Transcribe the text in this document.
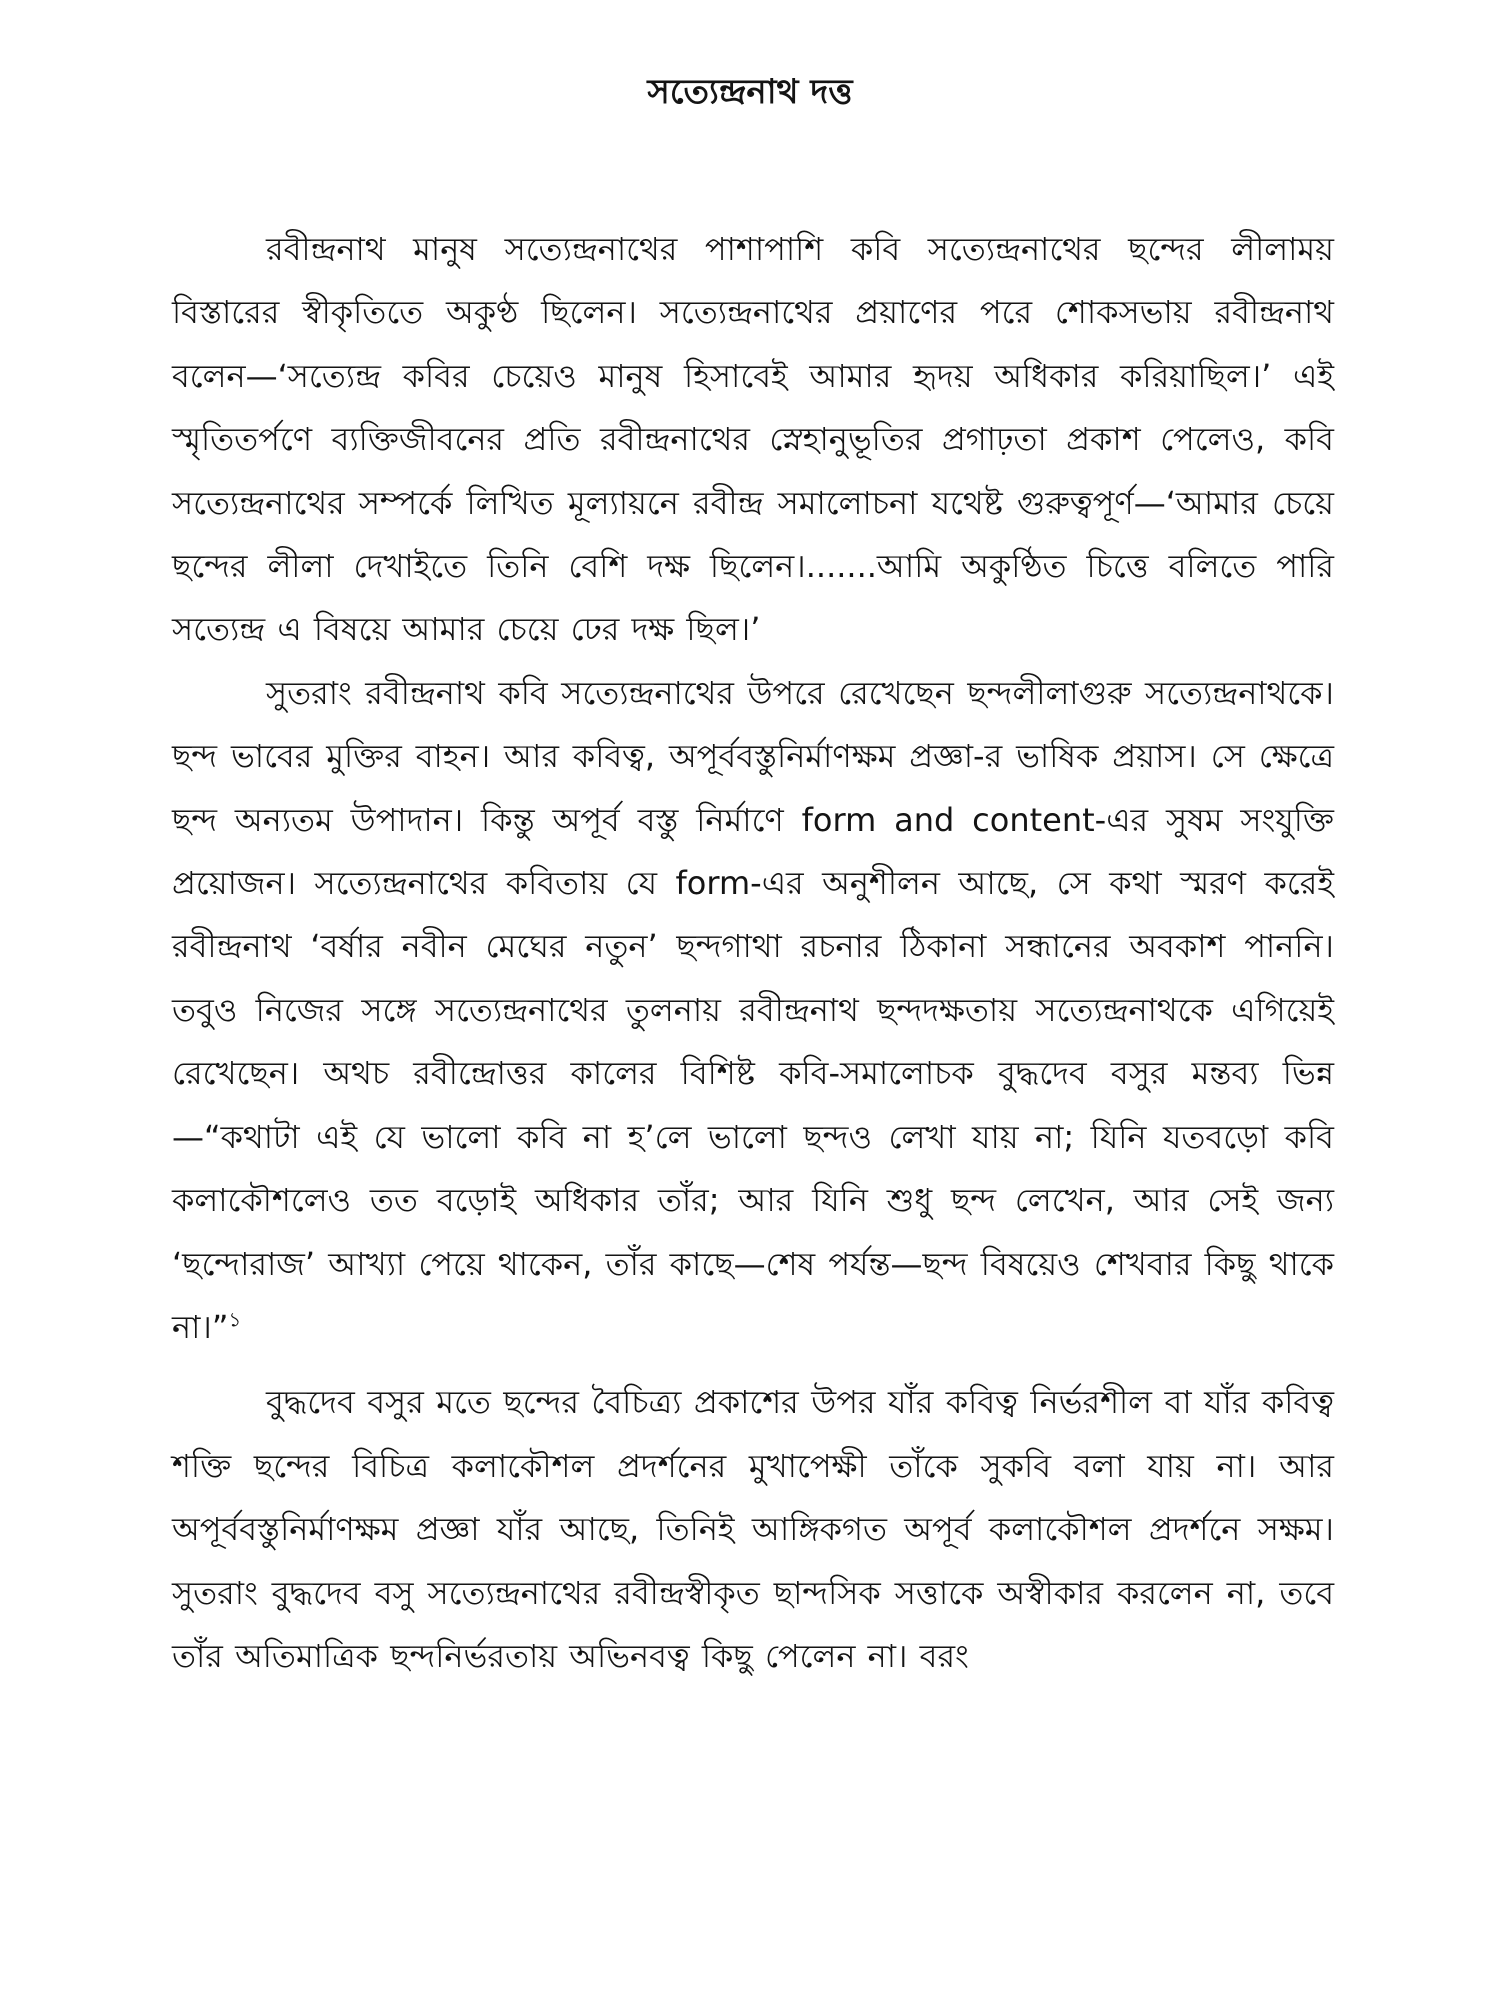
সত্যেন্দ্রনাথ দত্ত

রবীন্দ্রনাথ মানুষ সত্যেন্দ্রনাথের পাশাপাশি কবি সত্যেন্দ্রনাথের ছন্দের লীলাময় বিস্তারের স্বীকৃতিতে অকুণ্ঠ ছিলেন। সত্যেন্দ্রনাথের প্রয়াণের পরে শোকসভায় রবীন্দ্রনাথ বলেন—‘সত্যেন্দ্র কবির চেয়েও মানুষ হিসাবেই আমার হৃদয় অধিকার করিয়াছিল।’ এই স্মৃতিতর্পণে ব্যক্তিজীবনের প্রতি রবীন্দ্রনাথের স্নেহানুভূতির প্রগাঢ়তা প্রকাশ পেলেও, কবি সত্যেন্দ্রনাথের সম্পর্কে লিখিত মূল্যায়নে রবীন্দ্র সমালোচনা যথেষ্ট গুরুত্বপূর্ণ—‘আমার চেয়ে ছন্দের লীলা দেখাইতে তিনি বেশি দক্ষ ছিলেন।.......আমি অকুণ্ঠিত চিত্তে বলিতে পারি সত্যেন্দ্র এ বিষয়ে আমার চেয়ে ঢের দক্ষ ছিল।’

সুতরাং রবীন্দ্রনাথ কবি সত্যেন্দ্রনাথের উপরে রেখেছেন ছন্দলীলাগুরু সত্যেন্দ্রনাথকে। ছন্দ ভাবের মুক্তির বাহন। আর কবিত্ব, অপূর্ববস্তুনির্মাণক্ষম প্রজ্ঞা-র ভাষিক প্রয়াস। সে ক্ষেত্রে ছন্দ অন্যতম উপাদান। কিন্তু অপূর্ব বস্তু নির্মাণে form and content-এর সুষম সংযুক্তি প্রয়োজন। সত্যেন্দ্রনাথের কবিতায় যে form-এর অনুশীলন আছে, সে কথা স্মরণ করেই রবীন্দ্রনাথ ‘বর্ষার নবীন মেঘের নতুন’ ছন্দগাথা রচনার ঠিকানা সন্ধানের অবকাশ পাননি। তবুও নিজের সঙ্গে সত্যেন্দ্রনাথের তুলনায় রবীন্দ্রনাথ ছন্দদক্ষতায় সত্যেন্দ্রনাথকে এগিয়েই রেখেছেন। অথচ রবীন্দ্রোত্তর কালের বিশিষ্ট কবি-সমালোচক বুদ্ধদেব বসুর মন্তব্য ভিন্ন—“কথাটা এই যে ভালো কবি না হ’লে ভালো ছন্দও লেখা যায় না; যিনি যতবড়ো কবি কলাকৌশলেও তত বড়োই অধিকার তাঁর; আর যিনি শুধু ছন্দ লেখেন, আর সেই জন্য ‘ছন্দোরাজ’ আখ্যা পেয়ে থাকেন, তাঁর কাছে—শেষ পর্যন্ত—ছন্দ বিষয়েও শেখবার কিছু থাকে না।”$^১$

বুদ্ধদেব বসুর মতে ছন্দের বৈচিত্র্য প্রকাশের উপর যাঁর কবিত্ব নির্ভরশীল বা যাঁর কবিত্ব শক্তি ছন্দের বিচিত্র কলাকৌশল প্রদর্শনের মুখাপেক্ষী তাঁকে সুকবি বলা যায় না। আর অপূর্ববস্তুনির্মাণক্ষম প্রজ্ঞা যাঁর আছে, তিনিই আঙ্গিকগত অপূর্ব কলাকৌশল প্রদর্শনে সক্ষম। সুতরাং বুদ্ধদেব বসু সত্যেন্দ্রনাথের রবীন্দ্রস্বীকৃত ছান্দসিক সত্তাকে অস্বীকার করলেন না, তবে তাঁর অতিমাত্রিক ছন্দনির্ভরতায় অভিনবত্ব কিছু পেলেন না। বরং
